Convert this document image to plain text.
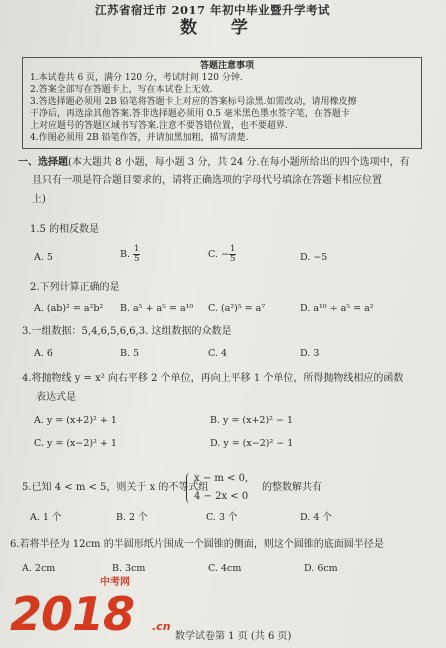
江苏省宿迁市 2017 年初中毕业暨升学考试
数 学
答题注意事项
1.本试卷共 6 页，满分 120 分，考试时间 120 分钟.
2.答案全部写在答题卡上，写在本试卷上无效.
3.答选择题必须用 2B 铅笔将答题卡上对应的答案标号涂黑.如需改动，请用橡皮擦
干净后，再选涂其他答案.答非选择题必须用 0.5 毫米黑色墨水签字笔，在答题卡
上对应题号的答题区域书写答案.注意不要答错位置，也不要超界.
4.作图必须用 2B 铅笔作答，并请加黑加粗，描写清楚.
一、选择题(本大题共 8 小题，每小题 3 分，共 24 分.在每小题所给出的四个选项中，有
且只有一项是符合题目要求的，请将正确选项的字母代号填涂在答题卡相应位置
上)
1.5 的相反数是
A. 5	B. $\frac{1}{5}$	C. − $\frac{1}{5}$	D. −5
2.下列计算正确的是
A. (ab)² = a²b² B. a⁵ + a⁵ = a¹⁰ C. (a²)⁵ = a⁷	D. a¹⁰ ÷ a⁵ = a²
3.一组数据：5,4,6,5,6,6,3. 这组数据的众数是
A. 6	B. 5	C. 4	D. 3
4.将抛物线 y = x² 向右平移 2 个单位，再向上平移 1 个单位，所得抛物线相应的函数
表达式是
A. y = (x+2)² + 1	B. y = (x+2)² − 1
C. y = (x−2)² + 1	D. y = (x−2)² − 1
5.已知 4 < m < 5，则关于 x 的不等式组
x − m < 0,
4 − 2x < 0
的整数解共有
A. 1 个	B. 2 个	C. 3 个	D. 4 个
6.若将半径为 12cm 的半圆形纸片围成一个圆锥的侧面，则这个圆锥的底面圆半径是
A. 2cm	B. 3cm	C. 4cm	D. 6cm
中考网
2018 .cn
数学试卷第 1 页 (共 6 页)
